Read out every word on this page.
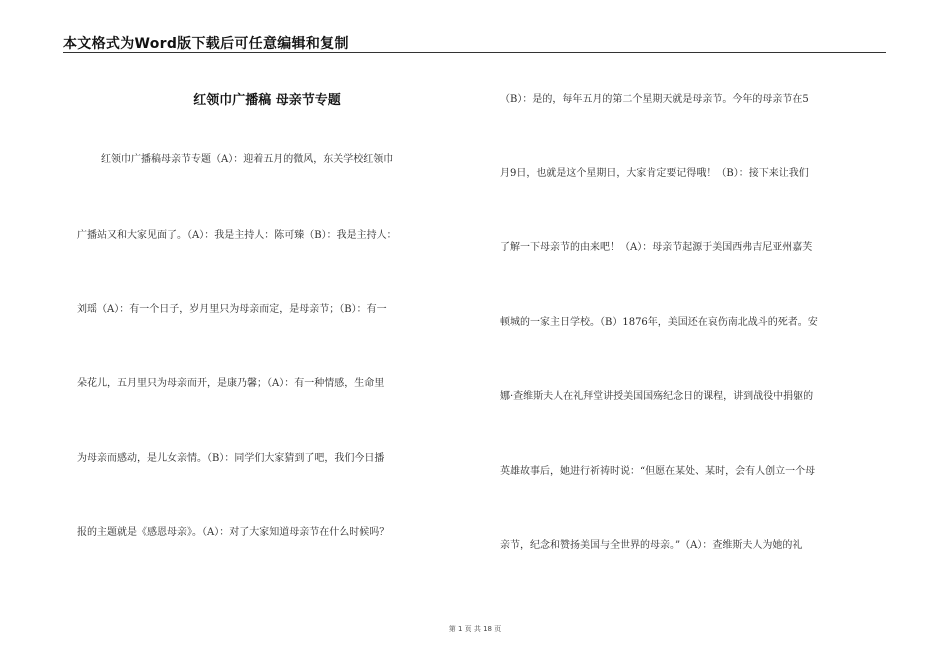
本文格式为Word版下载后可任意编辑和复制
红领巾广播稿 母亲节专题
红领巾广播稿母亲节专题（A）：迎着五月的微风，东关学校红领巾
广播站又和大家见面了。（A）：我是主持人：陈可臻（B）：我是主持人：
刘瑶（A）：有一个日子，岁月里只为母亲而定，是母亲节；（B）：有一
朵花儿，五月里只为母亲而开，是康乃馨；（A）：有一种情感，生命里
为母亲而感动，是儿女亲情。（B）：同学们大家猜到了吧，我们今日播
报的主题就是《感恩母亲》。（A）：对了大家知道母亲节在什么时候吗？
（B）：是的，每年五月的第二个星期天就是母亲节。今年的母亲节在5
月9日，也就是这个星期日，大家肯定要记得哦！（B）：接下来让我们
了解一下母亲节的由来吧！（A）：母亲节起源于美国西弗吉尼亚州嘉芙
顿城的一家主日学校。（B）1876年，美国还在哀伤南北战斗的死者。安
娜·查维斯夫人在礼拜堂讲授美国国殇纪念日的课程，讲到战役中捐躯的
英雄故事后，她进行祈祷时说：“但愿在某处、某时，会有人创立一个母
亲节，纪念和赞扬美国与全世界的母亲。”（A）：查维斯夫人为她的礼
第 1 页 共 18 页
